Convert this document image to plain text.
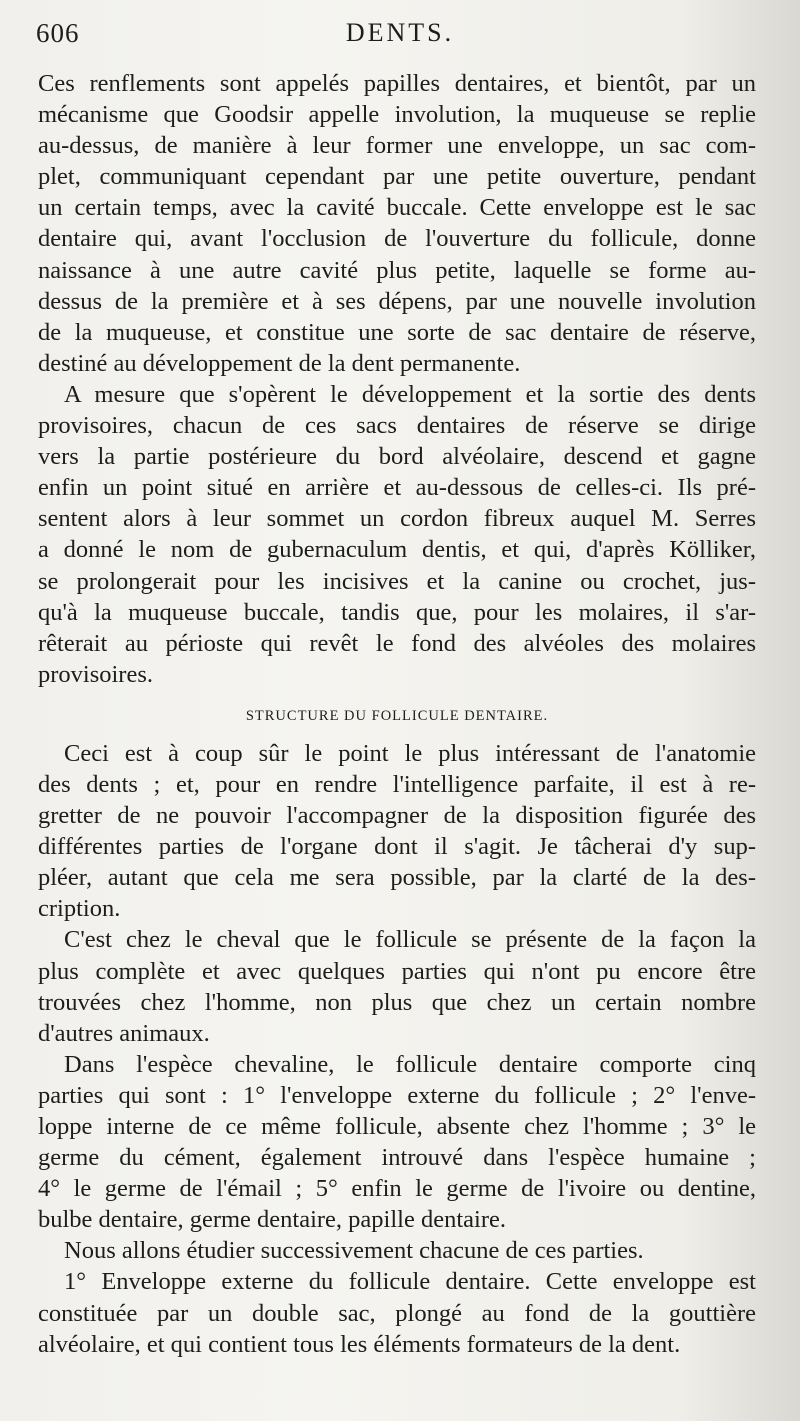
606	DENTS.
Ces renflements sont appelés papilles dentaires, et bientôt, par un
mécanisme que Goodsir appelle involution, la muqueuse se replie
au-dessus, de manière à leur former une enveloppe, un sac com-
plet, communiquant cependant par une petite ouverture, pendant
un certain temps, avec la cavité buccale. Cette enveloppe est le sac
dentaire qui, avant l'occlusion de l'ouverture du follicule, donne
naissance à une autre cavité plus petite, laquelle se forme au-
dessus de la première et à ses dépens, par une nouvelle involution
de la muqueuse, et constitue une sorte de sac dentaire de réserve,
destiné au développement de la dent permanente.
A mesure que s'opèrent le développement et la sortie des dents
provisoires, chacun de ces sacs dentaires de réserve se dirige
vers la partie postérieure du bord alvéolaire, descend et gagne
enfin un point situé en arrière et au-dessous de celles-ci. Ils pré-
sentent alors à leur sommet un cordon fibreux auquel M. Serres
a donné le nom de gubernaculum dentis, et qui, d'après Kölliker,
se prolongerait pour les incisives et la canine ou crochet, jus-
qu'à la muqueuse buccale, tandis que, pour les molaires, il s'ar-
rêterait au périoste qui revêt le fond des alvéoles des molaires
provisoires.
STRUCTURE DU FOLLICULE DENTAIRE.
Ceci est à coup sûr le point le plus intéressant de l'anatomie
des dents ; et, pour en rendre l'intelligence parfaite, il est à re-
gretter de ne pouvoir l'accompagner de la disposition figurée des
différentes parties de l'organe dont il s'agit. Je tâcherai d'y sup-
pléer, autant que cela me sera possible, par la clarté de la des-
cription.
C'est chez le cheval que le follicule se présente de la façon la
plus complète et avec quelques parties qui n'ont pu encore être
trouvées chez l'homme, non plus que chez un certain nombre
d'autres animaux.
Dans l'espèce chevaline, le follicule dentaire comporte cinq
parties qui sont : 1° l'enveloppe externe du follicule ; 2° l'enve-
loppe interne de ce même follicule, absente chez l'homme ; 3° le
germe du cément, également introuvé dans l'espèce humaine ;
4° le germe de l'émail ; 5° enfin le germe de l'ivoire ou dentine,
bulbe dentaire, germe dentaire, papille dentaire.
Nous allons étudier successivement chacune de ces parties.
1° Enveloppe externe du follicule dentaire. Cette enveloppe est
constituée par un double sac, plongé au fond de la gouttière
alvéolaire, et qui contient tous les éléments formateurs de la dent.
